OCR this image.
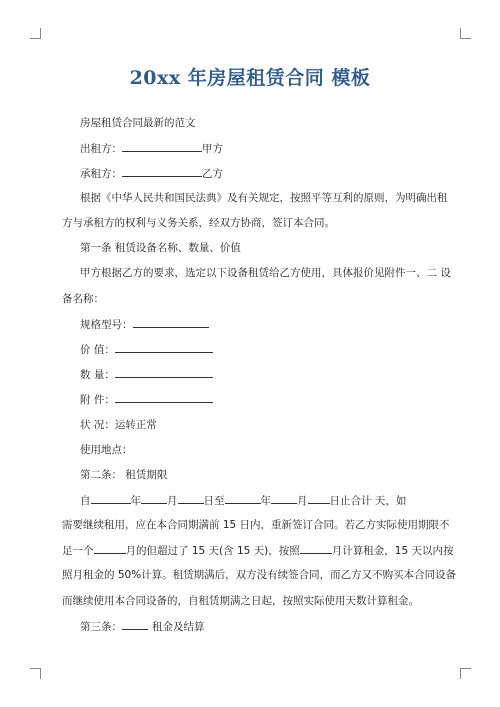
20xx 年房屋租赁合同 模板
房屋租赁合同最新的范文
出租方：	甲方
承租方：	乙方
根据《中华人民共和国民法典》及有关规定，按照平等互利的原则，为明确出租
方与承租方的权利与义务关系，经双方协商，签订本合同。
第一条 租赁设备名称、数量、价值
甲方根据乙方的要求，选定以下设备租赁给乙方使用，具体报价见附件一、二 设
备名称：
规格型号：
价 值：
数 量：
附 件：
状 况：运转正常
使用地点：
第二条： 租赁期限
自	年 月 日至	年 月 日止合计 天，如
需要继续租用，应在本合同期满前 15 日内，重新签订合同。若乙方实际使用期限不
足一个	月的但超过了 15 天(含 15 天)，按照	月计算租金，15 天以内按
照月租金的 50%计算。租赁期满后，双方没有续签合同，而乙方又不购买本合同设备
而继续使用本合同设备的，自租赁期满之日起，按照实际使用天数计算租金。
第三条：	租金及结算
